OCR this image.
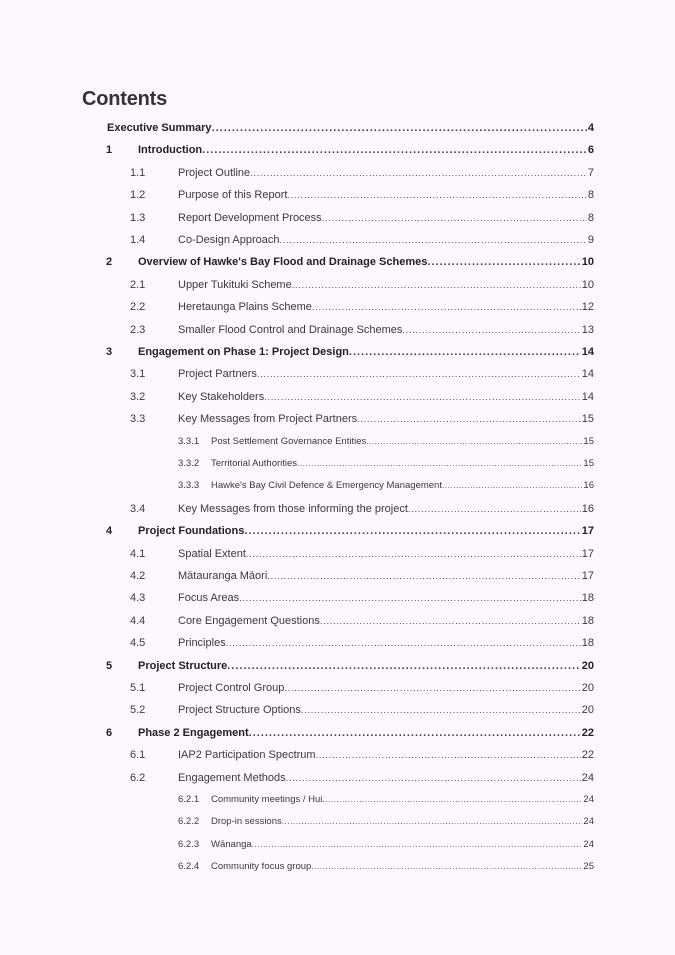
Contents
Executive Summary .....	4
1 Introduction .....	6
1.1	Project Outline .....	7
1.2	Purpose of this Report .....	8
1.3	Report Development Process .....	8
1.4	Co-Design Approach .....	9
2 Overview of Hawke's Bay Flood and Drainage Schemes .....	10
2.1	Upper Tukituki Scheme .....	10
2.2	Heretaunga Plains Scheme .....	12
2.3	Smaller Flood Control and Drainage Schemes .....	13
3 Engagement on Phase 1: Project Design .....	14
3.1	Project Partners .....	14
3.2	Key Stakeholders .....	14
3.3	Key Messages from Project Partners .....	15
3.3.1 Post Settlement Governance Entities .....	15
3.3.2 Territorial Authorities .....	15
3.3.3 Hawke's Bay Civil Defence & Emergency Management .....	16
3.4	Key Messages from those informing the project .....	16
4 Project Foundations .....	17
4.1	Spatial Extent .....	17
4.2	Mātauranga Māori .....	17
4.3	Focus Areas .....	18
4.4	Core Engagement Questions .....	18
4.5	Principles .....	18
5 Project Structure .....	20
5.1	Project Control Group .....	20
5.2	Project Structure Options .....	20
6 Phase 2 Engagement .....	22
6.1	IAP2 Participation Spectrum .....	22
6.2	Engagement Methods .....	24
6.2.1 Community meetings / Hui .....	24
6.2.2 Drop-in sessions .....	24
6.2.3 Wānanga .....	24
6.2.4 Community focus group .....	25
